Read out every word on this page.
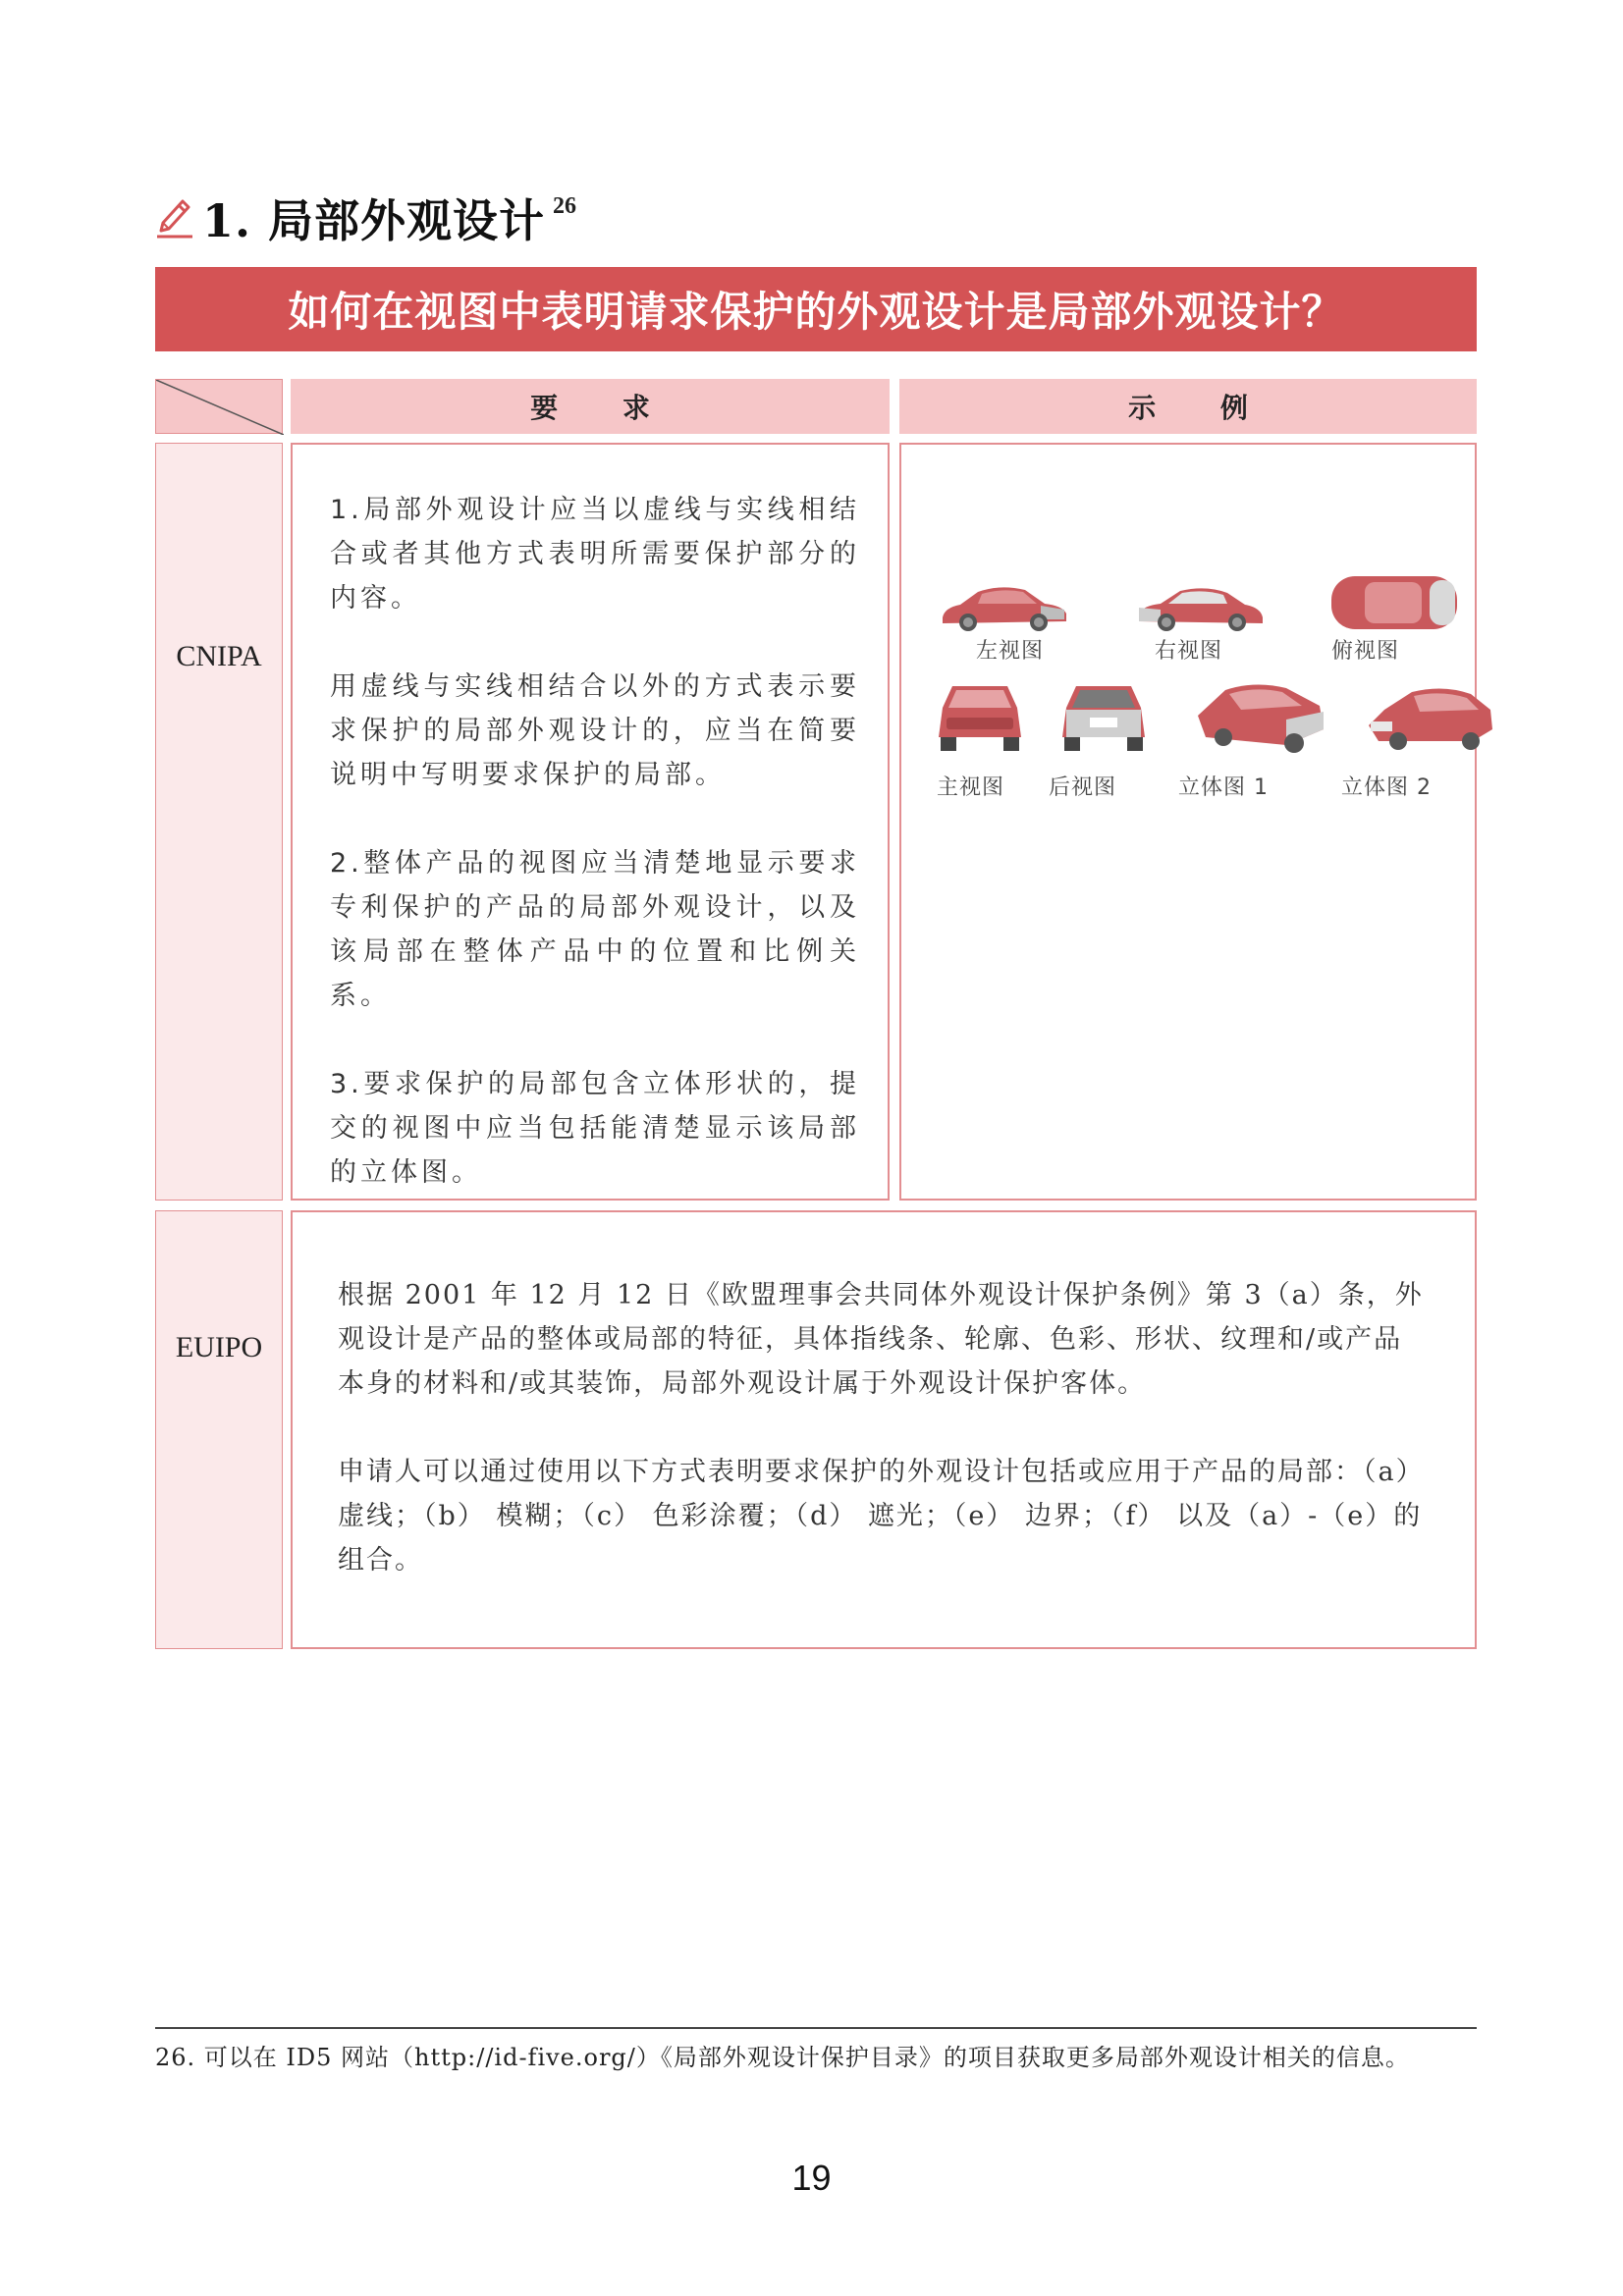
1. 局部外观设计 26
如何在视图中表明请求保护的外观设计是局部外观设计？
要 求	示 例
CNIPA

1.局部外观设计应当以虚线与实线相结合或者其他方式表明所需要保护部分的内容。

用虚线与实线相结合以外的方式表示要求保护的局部外观设计的，应当在简要说明中写明要求保护的局部。

2.整体产品的视图应当清楚地显示要求专利保护的产品的局部外观设计，以及该局部在整体产品中的位置和比例关系。

3.要求保护的局部包含立体形状的，提交的视图中应当包括能清楚显示该局部的立体图。

左视图	右视图	俯视图
主视图 后视图	立体图 1	立体图 2
EUIPO

根据 2001 年 12 月 12 日《欧盟理事会共同体外观设计保护条例》第 3（a）条，外观设计是产品的整体或局部的特征，具体指线条、轮廓、色彩、形状、纹理和/或产品本身的材料和/或其装饰，局部外观设计属于外观设计保护客体。

申请人可以通过使用以下方式表明要求保护的外观设计包括或应用于产品的局部：（a）虚线；（b） 模糊；（c） 色彩涂覆；（d） 遮光；（e） 边界；（f） 以及（a）-（e）的组合。

26. 可以在 ID5 网站（http://id-five.org/）《局部外观设计保护目录》的项目获取更多局部外观设计相关的信息。
19
